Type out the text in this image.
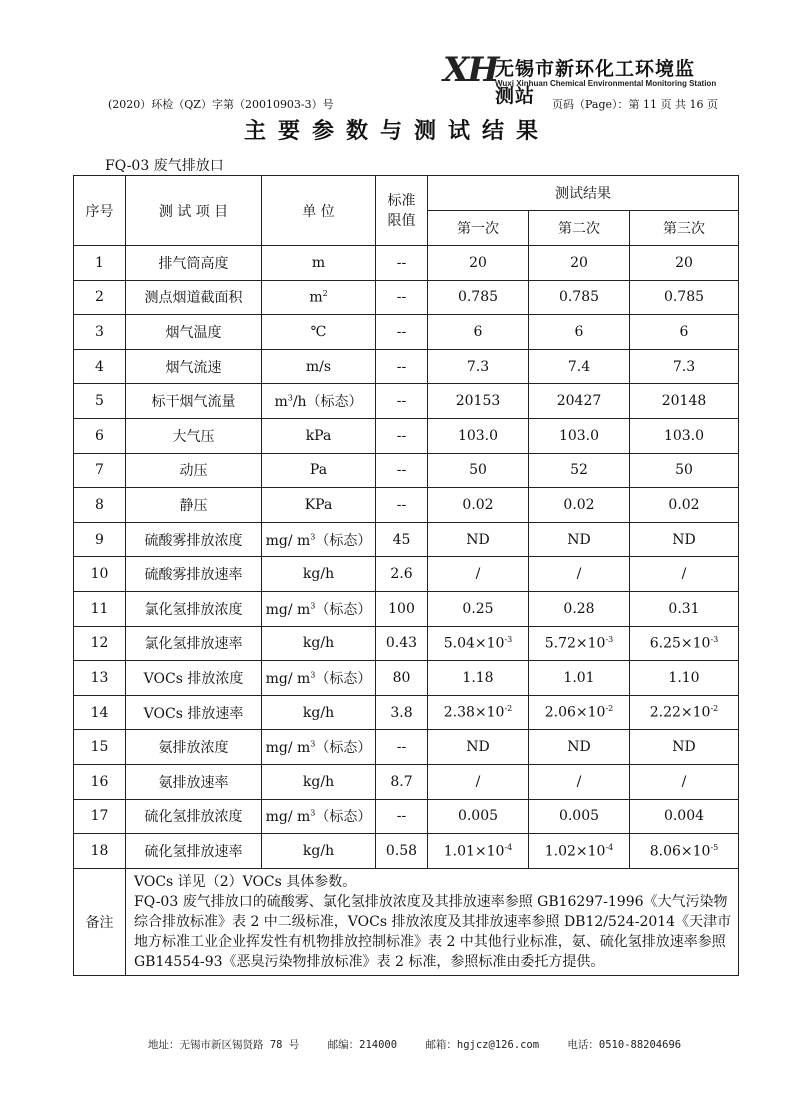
XH
无锡市新环化工环境监测站
Wuxi Xinhuan Chemical Environmental Monitoring Station
(2020）环检（QZ）字第（20010903-3）号	页码（Page）：第 11 页 共 16 页
主要参数与测试结果
FQ-03 废气排放口
序号	测 试 项 目	单 位	标准限值	测试结果		
				第一次	第二次	第三次
1	排气筒高度	m	--	20	20	20
2	测点烟道截面积	$m^2$	--	0.785	0.785	0.785
3	烟气温度	℃	--	6	6	6
4	烟气流速	m/s	--	7.3	7.4	7.3
5	标干烟气流量	$m^3/h$（标态）	--	20153	20427	20148
6	大气压	kPa	--	103.0	103.0	103.0
7	动压	Pa	--	50	52	50
8	静压	KPa	--	0.02	0.02	0.02
9	硫酸雾排放浓度	mg/ $m^3$（标态）	45	ND	ND	ND
10	硫酸雾排放速率	kg/h	2.6	/	/	/
11	氯化氢排放浓度	mg/ $m^3$（标态）	100	0.25	0.28	0.31
12	氯化氢排放速率	kg/h	0.43	$5.04\times 10^{-3}$	$5.72\times 10^{-3}$	$6.25\times 10^{-3}$
13	VOCs 排放浓度	mg/ $m^3$（标态）	80	1.18	1.01	1.10
14	VOCs 排放速率	kg/h	3.8	$2.38\times 10^{-2}$	$2.06\times 10^{-2}$	$2.22\times 10^{-2}$
15	氨排放浓度	mg/ $m^3$（标态）	--	ND	ND	ND
16	氨排放速率	kg/h	8.7	/	/	/
17	硫化氢排放浓度	mg/ $m^3$（标态）	--	0.005	0.005	0.004
18	硫化氢排放速率	kg/h	0.58	$1.01\times 10^{-4}$	$1.02\times 10^{-4}$	$8.06\times 10^{-5}$
备注	VOCs 详见（2）VOCs 具体参数。
FQ-03 废气排放口的硫酸雾、氯化氢排放浓度及其排放速率参照 GB16297-1996《大气污染物综合排放标准》表 2 中二级标准，VOCs 排放浓度及其排放速率参照 DB12/524-2014《天津市地方标准工业企业挥发性有机物排放控制标准》表 2 中其他行业标准，氨、硫化氢排放速率参照 GB14554-93《恶臭污染物排放标准》表 2 标准，参照标准由委托方提供。					
地址：无锡市新区锡贤路 78 号	邮编：214000	邮箱：hgjcz@126.com	电话：0510-88204696
